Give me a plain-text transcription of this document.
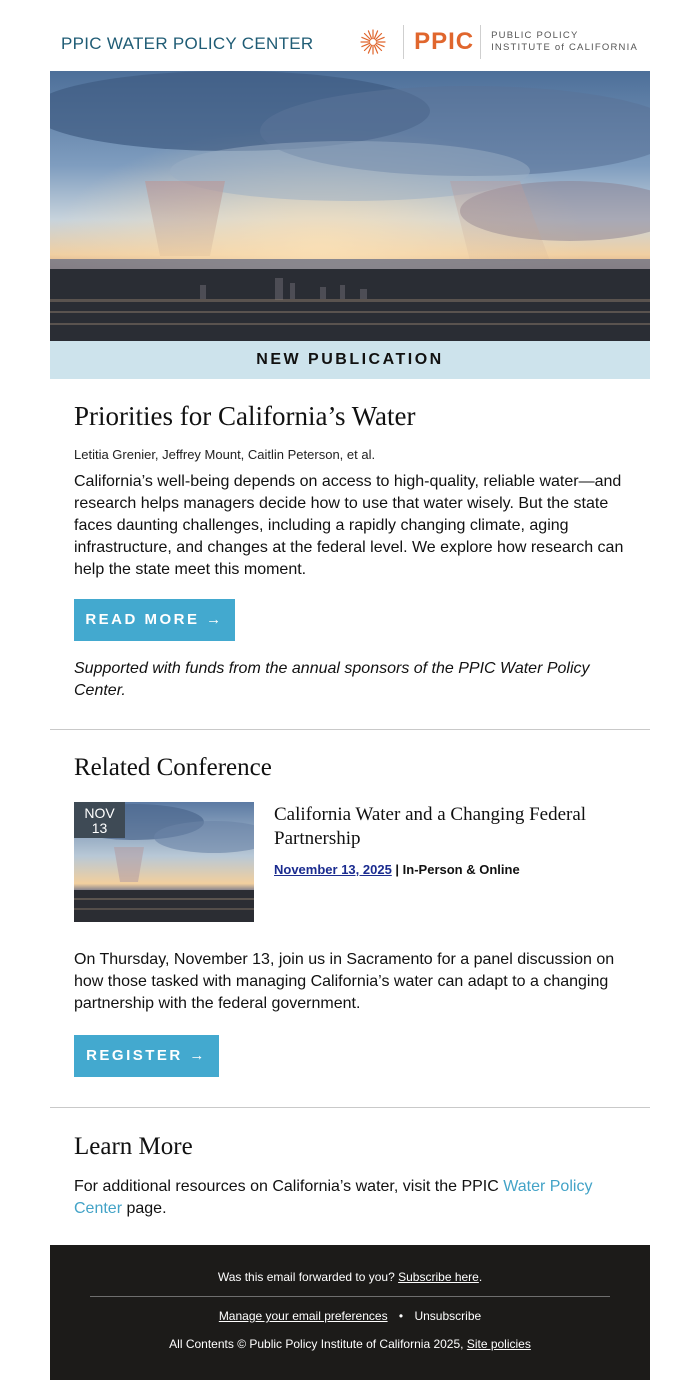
PPIC WATER POLICY CENTER	PPIC PUBLIC POLICY
INSTITUTE of CALIFORNIA
NEW PUBLICATION
Priorities for California’s Water
Letitia Grenier, Jeffrey Mount, Caitlin Peterson, et al.
California’s well-being depends on access to high-quality, reliable water—and research helps managers decide how to use that water wisely. But the state faces daunting challenges, including a rapidly changing climate, aging infrastructure, and changes at the federal level. We explore how research can help the state meet this moment.
READ MORE →
Supported with funds from the annual sponsors of the PPIC Water Policy Center.
Related Conference
NOV
13
California Water and a Changing Federal Partnership
November 13, 2025 | In-Person & Online
On Thursday, November 13, join us in Sacramento for a panel discussion on how those tasked with managing California’s water can adapt to a changing partnership with the federal government.
REGISTER →
Learn More
For additional resources on California’s water, visit the PPIC Water Policy Center page.
Was this email forwarded to you? Subscribe here.
Manage your email preferences • Unsubscribe
All Contents © Public Policy Institute of California 2025, Site policies
